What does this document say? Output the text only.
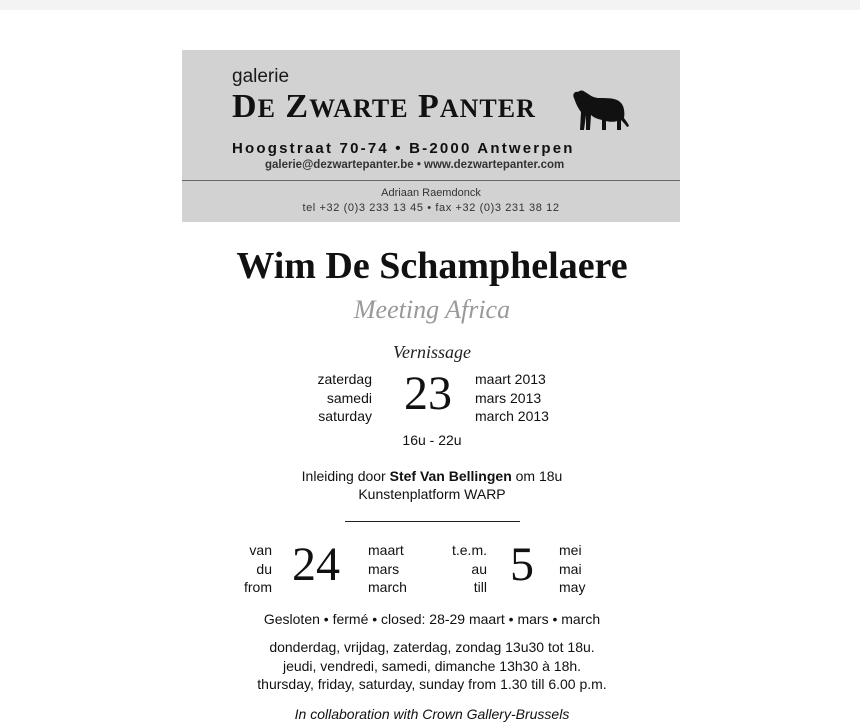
galerie
DE ZWARTE PANTER
Hoogstraat 70-74 • B-2000 Antwerpen
galerie@dezwartepanter.be • www.dezwartepanter.com
Adriaan Raemdonck
tel +32 (0)3 233 13 45 • fax +32 (0)3 231 38 12
Wim De Schamphelaere
Meeting Africa
Vernissage
zaterdag
samedi
saturday 23 maart 2013
mars 2013
march 2013
16u - 22u
Inleiding door Stef Van Bellingen om 18u
Kunstenplatform WARP
van
du
from 24 maart
mars
march
t.e.m.
au
till 5 mei
mai
may
Gesloten • fermé • closed: 28-29 maart • mars • march
donderdag, vrijdag, zaterdag, zondag 13u30 tot 18u.
jeudi, vendredi, samedi, dimanche 13h30 à 18h.
thursday, friday, saturday, sunday from 1.30 till 6.00 p.m.
In collaboration with Crown Gallery-Brussels
